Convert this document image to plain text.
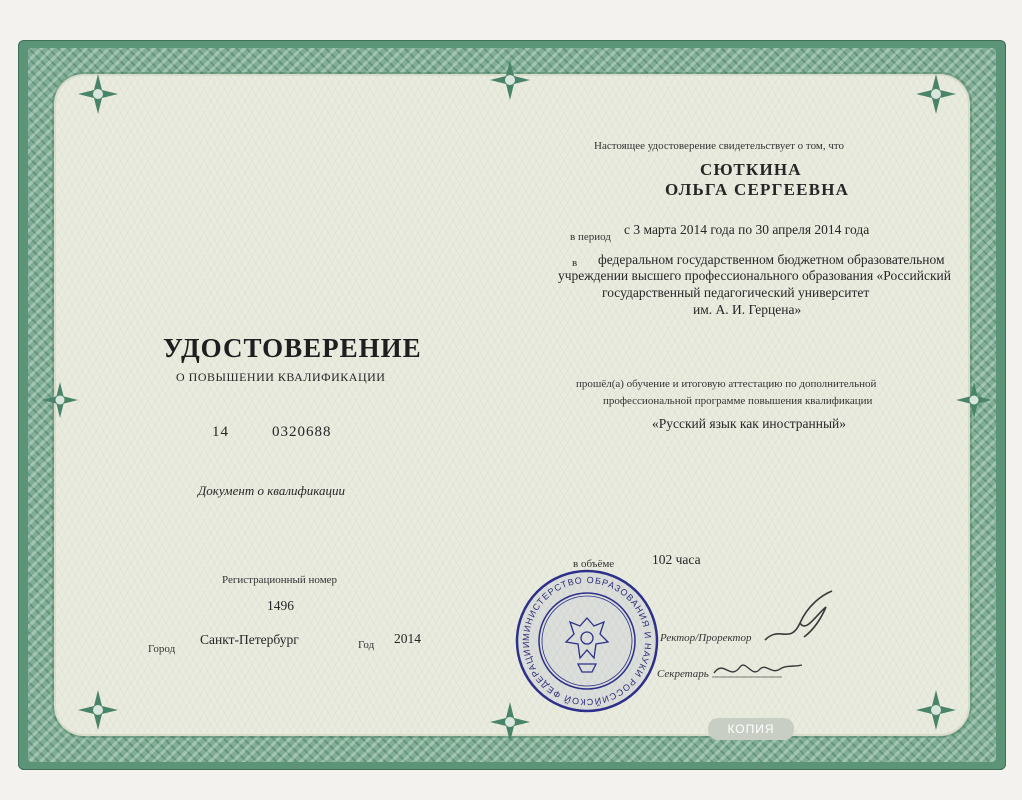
УДОСТОВЕРЕНИЕ
О ПОВЫШЕНИИ КВАЛИФИКАЦИИ
14	0320688
Документ о квалификации
Регистрационный номер
1496
Город
Санкт-Петербург	Год 2014
Настоящее удостоверение свидетельствует о том, что
СЮТКИНА
ОЛЬГА СЕРГЕЕВНА
в период с 3 марта 2014 года по 30 апреля 2014 года
в федеральном государственном бюджетном образовательном
учреждении высшего профессионального образования «Российский
государственный педагогический университет
им. А. И. Герцена»
прошёл(а) обучение и итоговую аттестацию по дополнительной
профессиональной программе повышения квалификации
«Русский язык как иностранный»
в объёме	102 часа
Ректор/Проректор
Секретарь
МИНИСТЕРСТВО ОБРАЗОВАНИЯ И НАУКИ РОССИЙСКОЙ ФЕДЕРАЦИИ
КОПИЯ
